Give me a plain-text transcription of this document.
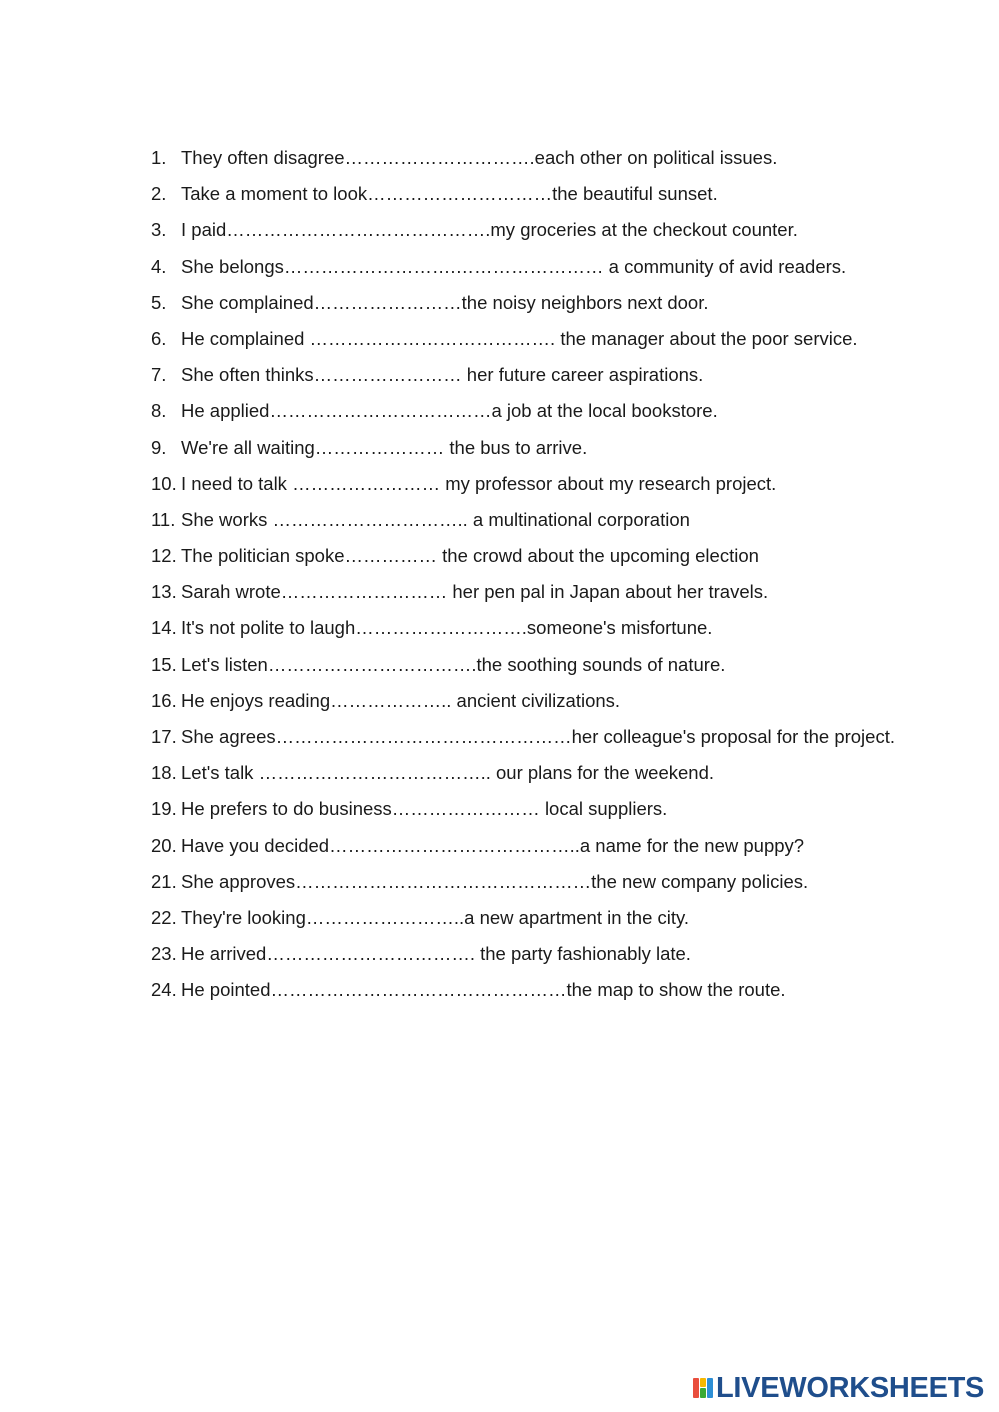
1. They often disagree………………………….each other on political issues.
2. Take a moment to look…………………………the beautiful sunset.
3. I paid…………………………………….my groceries at the checkout counter.
4. She belongs……………………….…………………… a community of avid readers.
5. She complained……………………the noisy neighbors next door.
6. He complained …………………………………. the manager about the poor service.
7. She often thinks…………………… her future career aspirations.
8. He applied………………………………a job at the local bookstore.
9. We're all waiting………………… the bus to arrive.
10. I need to talk …………………… my professor about my research project.
11. She works ………………………….. a multinational corporation
12. The politician spoke…………… the crowd about the upcoming election
13. Sarah wrote……………………… her pen pal in Japan about her travels.
14. It's not polite to laugh……………………….someone's misfortune.
15. Let's listen…………………………….the soothing sounds of nature.
16. He enjoys reading……………….. ancient civilizations.
17. She agrees…………………………………………her colleague's proposal for the project.
18. Let's talk ……………………………….. our plans for the weekend.
19. He prefers to do business…………………… local suppliers.
20. Have you decided…………………………………..a name for the new puppy?
21. She approves…………………………………………the new company policies.
22. They're looking……………………..a new apartment in the city.
23. He arrived……………………………. the party fashionably late.
24. He pointed…………………………………………the map to show the route.
LIVEWORKSHEETS
